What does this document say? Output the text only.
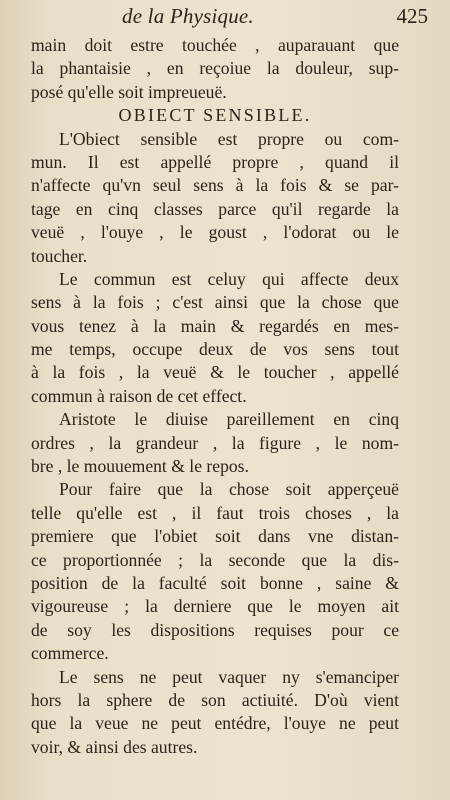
de la Physique.	425
main doit estre touchée , auparauant que
la phantaisie , en reçoiue la douleur, sup-
posé qu'elle soit impreueuë.
OBIECT SENSIBLE.
L'Obiect sensible est propre ou com-
mun. Il est appellé propre , quand il
n'affecte qu'vn seul sens à la fois & se par-
tage en cinq classes parce qu'il regarde la
veuë , l'ouye , le goust , l'odorat ou le
toucher.
Le commun est celuy qui affecte deux
sens à la fois ; c'est ainsi que la chose que
vous tenez à la main & regardés en mes-
me temps, occupe deux de vos sens tout
à la fois , la veuë & le toucher , appellé
commun à raison de cet effect.
Aristote le diuise pareillement en cinq
ordres , la grandeur , la figure , le nom-
bre , le mouuement & le repos.
Pour faire que la chose soit apperçeuë
telle qu'elle est , il faut trois choses , la
premiere que l'obiet soit dans vne distan-
ce proportionnée ; la seconde que la dis-
position de la faculté soit bonne , saine &
vigoureuse ; la derniere que le moyen ait
de soy les dispositions requises pour ce
commerce.
Le sens ne peut vaquer ny s'emanciper
hors la sphere de son actiuité. D'où vient
que la veue ne peut entédre, l'ouye ne peut
voir, & ainsi des autres.
